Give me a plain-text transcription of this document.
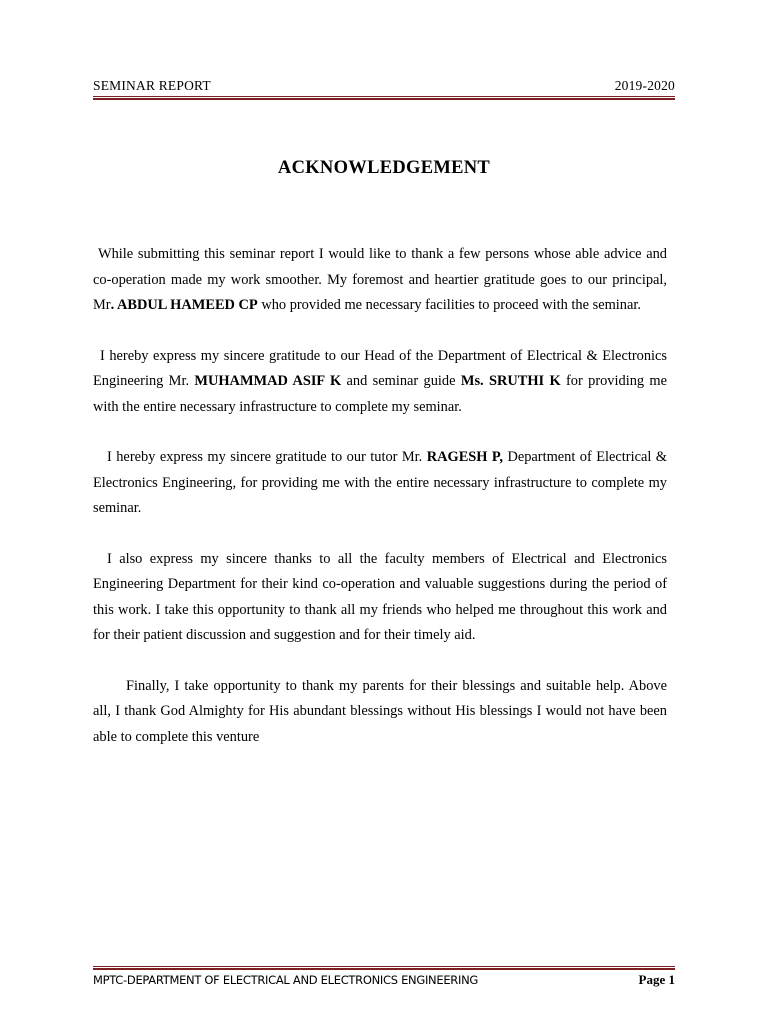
SEMINAR REPORT	2019-2020
ACKNOWLEDGEMENT

While submitting this seminar report I would like to thank a few persons whose able advice and co-operation made my work smoother. My foremost and heartier gratitude goes to our principal, Mr. ABDUL HAMEED CP who provided me necessary facilities to proceed with the seminar.

I hereby express my sincere gratitude to our Head of the Department of Electrical & Electronics Engineering Mr. MUHAMMAD ASIF K and seminar guide Ms. SRUTHI K for providing me with the entire necessary infrastructure to complete my seminar.

I hereby express my sincere gratitude to our tutor Mr. RAGESH P, Department of Electrical & Electronics Engineering, for providing me with the entire necessary infrastructure to complete my seminar.

I also express my sincere thanks to all the faculty members of Electrical and Electronics Engineering Department for their kind co-operation and valuable suggestions during the period of this work. I take this opportunity to thank all my friends who helped me throughout this work and for their patient discussion and suggestion and for their timely aid.

Finally, I take opportunity to thank my parents for their blessings and suitable help. Above all, I thank God Almighty for His abundant blessings without His blessings I would not have been able to complete this venture

MPTC-DEPARTMENT OF ELECTRICAL AND ELECTRONICS ENGINEERING	Page 1
